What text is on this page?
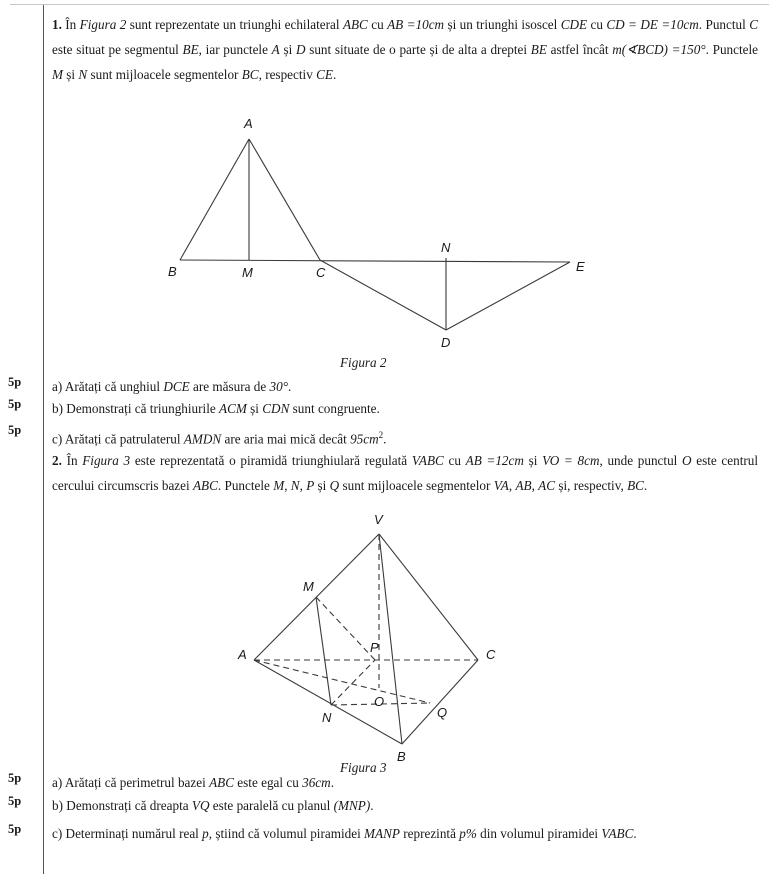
1. În Figura 2 sunt reprezentate un triunghi echilateral ABC cu AB =10cm și un triunghi isoscel CDE cu CD = DE =10cm. Punctul C este situat pe segmentul BE, iar punctele A și D sunt situate de o parte și de alta a dreptei BE astfel încât m(∢BCD) =150°. Punctele M și N sunt mijloacele segmentelor BC, respectiv CE.
A
B	C
D
E
M
N
Figura 2
5p a) Arătați că unghiul DCE are măsura de 30°.
5p b) Demonstrați că triunghiurile ACM și CDN sunt congruente.
5p
c) Arătați că patrulaterul AMDN are aria mai mică decât $95cm^2$.
2. În Figura 3 este reprezentată o piramidă triunghiulară regulată VABC cu AB =12cm și VO = 8cm, unde punctul O este centrul cercului circumscris bazei ABC. Punctele M, N, P și Q sunt mijloacele segmentelor VA, AB, AC și, respectiv, BC.
V
A
B
C
M
N
O
P
Q
Figura 3
5p a) Arătați că perimetrul bazei ABC este egal cu 36cm.
5p b) Demonstrați că dreapta VQ este paralelă cu planul (MNP).
5p c) Determinați numărul real p, știind că volumul piramidei MANP reprezintă p% din volumul piramidei VABC.
